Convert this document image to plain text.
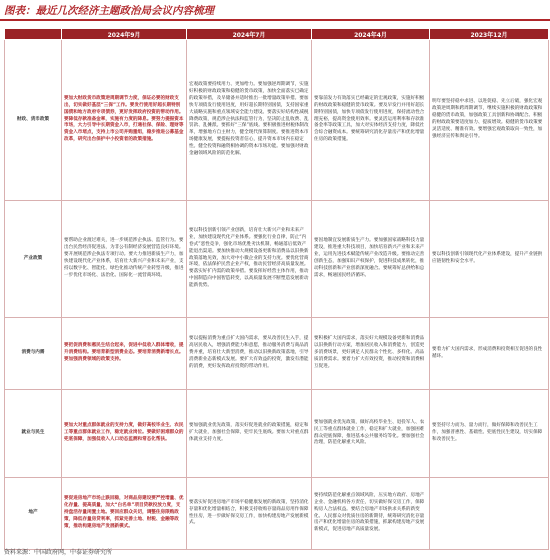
图表：最近几次经济主题政治局会议内容梳理
	2024年9月	2024年7月	2024年4月	2023年12月
财政、货币政策	要加大财政货币政策逆周期调节力度，保证必要的财政支出，切实做好基层“三保”工作。要发行使用好超长期特别国债和地方政府专项债券，更好发挥政府投资的带动作用。要降低存款准备金率，实施有力度的降息。要努力提振资本市场，大力引导中长期资金入市，打通社保、保险、理财等资金入市堵点，支持上市公司并购重组，稳步推进公募基金改革，研究出台保护中小投资者的政策措施。	宏观政策要持续用力、更加给力。要加强逆周期调节，实施好积极的财政政策和稳健的货币政策，加快全面落实已确定的政策举措，及早储备并适时推出一批增量政策举措。要加快专项债发行使用进度，用好超长期特别国债，支持国家重大战略实施和重点领域安全能力建设。要落实好结构性减税降费政策，规范涉企执法和监管行为，坚决防止乱收费、乱罚款、乱摊派。要抓好“三保”底线。要积极推进财税体制改革，增强地方自主财力，健全现代预算制度。要推进资本市场健康发展，要提振投资者信心，提升资本市场内在稳定性。健全投资和融资相协调的资本市场功能。要加强对财政金融领域风险的防范化解。	要靠前发力有效落实已经确定的宏观政策，实施好积极的财政政策和稳健的货币政策。要及早发行并用好超长期特别国债，加快专项债发行使用进度，保持流动性合理充裕，提高资金使用效率。要灵活运用利率和存款准备金率等政策工具，加大对实体经济支持力度，降低社会综合融资成本。要统筹研究消化存量房产和优化增量住房的政策措施。	明年要坚持稳中求进、以进促稳、先立后破，强化宏观政策逆周期和跨周期调节，继续实施积极的财政政策和稳健的货币政策，加强政策工具创新和协调配合。积极的财政政策要适度加力、提质增效。稳健的货币政策要灵活适度、精准有效。要增强宏观政策取向一致性，加强经济宣传和舆论引导。
产业政策	要帮助企业渡过难关，进一步规范涉企执法、监管行为。要出台民营经济促进法，为非公有制经济发展营造良好环境。要开展规范涉企执法专项行动。要大力推进新质生产力，加快建设现代化产业体系，培育壮大新兴产业和未来产业，支持以数字化、智能化、绿色化推动传统产业转型升级，推进一步优化市场化、法治化、国际化一流营商环境。	要以科技创新引领产业创新，培育壮大新兴产业和未来产业，加快建设现代化产业体系。要强化行业自律，防止“内卷式”恶性竞争，强化市场优胜劣汰机制，畅通落后低效产能退出渠道。要加快推动大规模设备更新和消费品以旧换新政策落地见效，加大对中小微企业的支持力度。要优化营商环境，依法保护民营企业产权，推动民营经济高质量发展。要落实好扩内需的政策举措。要发挥好经营主体作用，推动中国制造向中国智造转变，以高质量发展不断塑造发展新动能新优势。	要因地制宜发展新质生产力。要加强国家战略科技力量建设，推进重大科技项目，加快培育新兴产业和未来产业，运用先进技术赋能传统产业改造升级。要推动完善创新生态，加强知识产权保护，促进科技成果转化，推动科技创新和产业创新深度融合。要统筹好总供给和总需求，畅通国民经济循环。	要以科技创新引领现代化产业体系建设，提升产业链供应链韧性和安全水平。
消费与内需	要把促消费和惠民生结合起来，促进中低收入群体增收，提升消费结构。要培育新型消费业态。要培育消费新增长点。要加强消费领域的政策支持。	要以提振消费为重点扩大国内需求，要从改善民生入手，提高居民收入，增强消费能力和意愿，推动服务消费与商品消费并重，培育壮大新型消费，推动以旧换新政策落地，引导消费新业态新模式发展。要扩大有效益的投资，激发有潜能的消费，更好发挥政府投资的带动作用。	要积极扩大国内需求，落实好大规模设备更新和消费品以旧换新行动方案，增加居民收入和消费能力，创造更多消费场景，更好满足人民群众个性化、多样化、高品质消费需求。要着力扩大有效投资，推动投资和消费相互促进。	要着力扩大国内需求，形成消费和投资相互促进的良性循环。
就业与民生	要加大对重点群体就业的支持力度，做好高校毕业生、农民工等重点群体就业工作，稳定就业岗位。要做好困难群众的兜底保障，加强低收入人口动态监测和常态化帮扶。	要加强就业优先政策，落实好促进就业的政策措施，稳定和扩大就业，加强社会保障，兜牢民生底线。要加大对重点群体就业支持力度。	要加强就业优先政策，做好高校毕业生、退役军人、农民工等重点群体就业工作，稳定和扩大就业，加强困难群众兜底保障，推进基本公共服务均等化。要加强社会治理，防范化解重大风险。	要坚持尽力而为、量力而行，做好保障和改善民生工作，加强普惠性、基础性、兜底性民生建设，切实保障和改善民生。
地产	要促进房地产市场止跌回稳，对商品房建设要严控增量、优化存量、提高质量，加大“白名单”项目贷款投放力度，支持盘活存量闲置土地。要回应群众关切，调整住房限购政策，降低存量房贷利率，抓紧完善土地、财税、金融等政策，推动构建房地产发展新模式。	要落实好促进房地产市场平稳健康发展的新政策，坚持消化存量和优化增量相结合，积极支持收购存量商品房用作保障性住房，进一步做好保交房工作，加快构建房地产发展新模式。	要持续防范化解重点领域风险，压实地方政府、房地产企业、金融机构各方责任，切实做好保交房工作，保障购房人合法权益。要结合房地产市场供求关系的新变化、人民群众对优质住房的新期待，统筹研究消化存量房产和优化增量住房的政策措施，抓紧构建房地产发展新模式，促进房地产高质量发展。	
资料来源：中国政府网，中泰证券研究所
